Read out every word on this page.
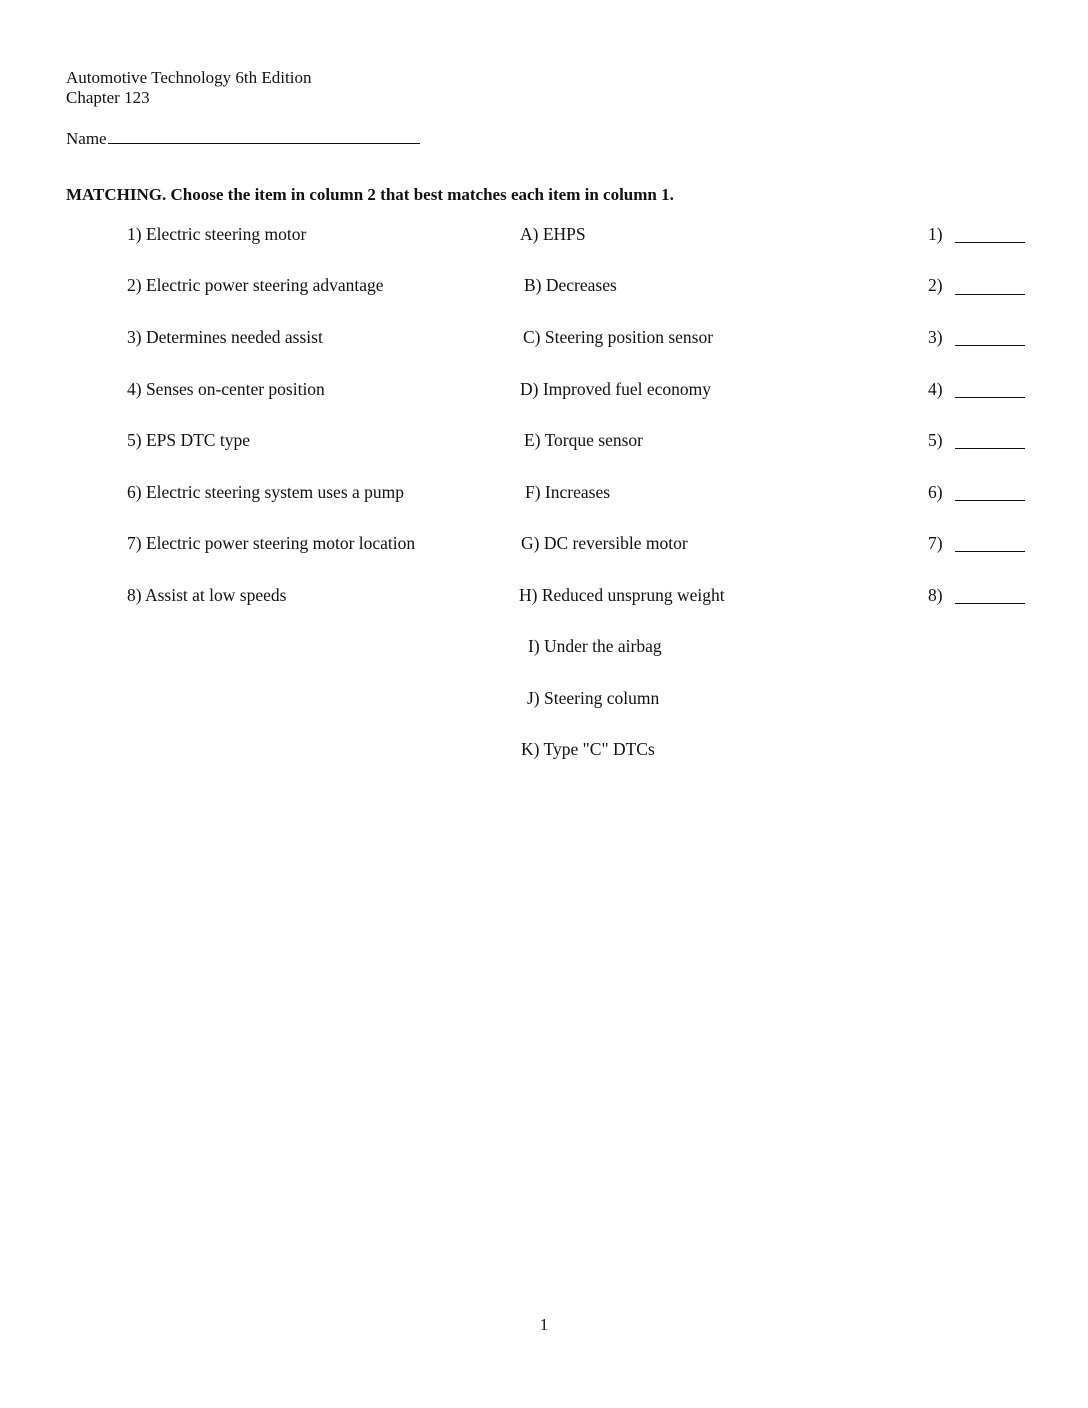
Automotive Technology 6th Edition
Chapter 123
Name
MATCHING. Choose the item in column 2 that best matches each item in column 1.
1) Electric steering motor
2) Electric power steering advantage
3) Determines needed assist
4) Senses on-center position
5) EPS DTC type
6) Electric steering system uses a pump
7) Electric power steering motor location
8) Assist at low speeds
A) EHPS
B) Decreases
C) Steering position sensor
D) Improved fuel economy
E) Torque sensor
F) Increases
G) DC reversible motor
H) Reduced unsprung weight
I) Under the airbag
J) Steering column
K) Type "C" DTCs
1)
2)
3)
4)
5)
6)
7)
8)
1
